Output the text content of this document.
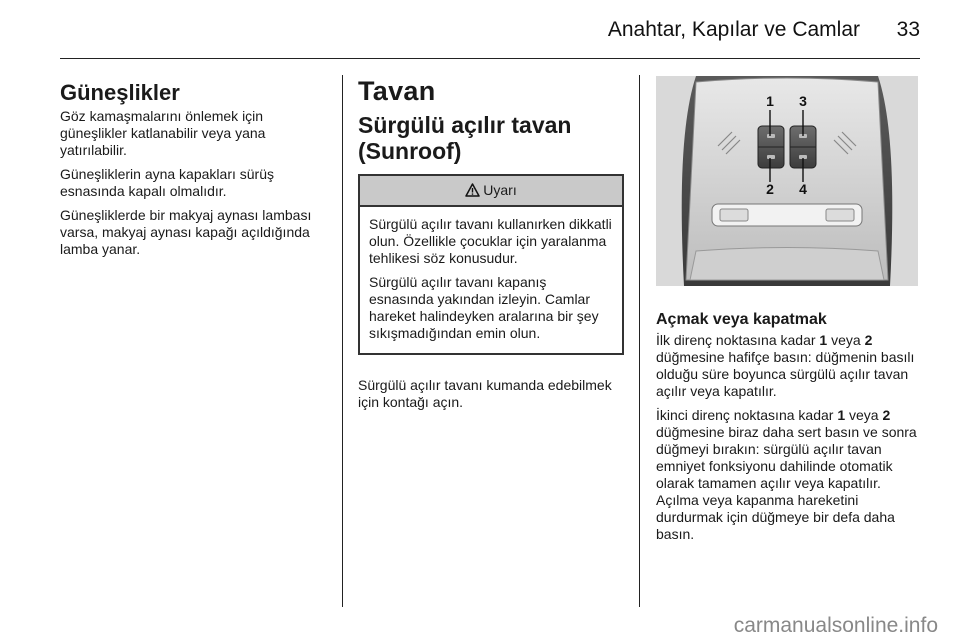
Anahtar, Kapılar ve Camlar 33
Güneşlikler

Göz kamaşmalarını önlemek için güneşlikler katlanabilir veya yana yatırılabilir.

Güneşliklerin ayna kapakları sürüş esnasında kapalı olmalıdır.

Güneşliklerde bir makyaj aynası lambası varsa, makyaj aynası kapağı açıldığında lamba yanar.

Tavan
Sürgülü açılır tavan (Sunroof)
Uyarı

Sürgülü açılır tavanı kullanırken dikkatli olun. Özellikle çocuklar için yaralanma tehlikesi söz konusudur.

Sürgülü açılır tavanı kapanış esnasında yakından izleyin. Camlar hareket halindeyken aralarına bir şey sıkışmadığından emin olun.

Sürgülü açılır tavanı kumanda edebilmek için kontağı açın.

1 3
2 4
Açmak veya kapatmak

İlk direnç noktasına kadar 1 veya 2 düğmesine hafifçe basın: düğmenin basılı olduğu süre boyunca sürgülü açılır tavan açılır veya kapatılır.

İkinci direnç noktasına kadar 1 veya 2 düğmesine biraz daha sert basın ve sonra düğmeyi bırakın: sürgülü açılır tavan emniyet fonksiyonu dahilinde otomatik olarak tamamen açılır veya kapatılır. Açılma veya kapanma hareketini durdurmak için düğmeye bir defa daha basın.

carmanualsonline.info
